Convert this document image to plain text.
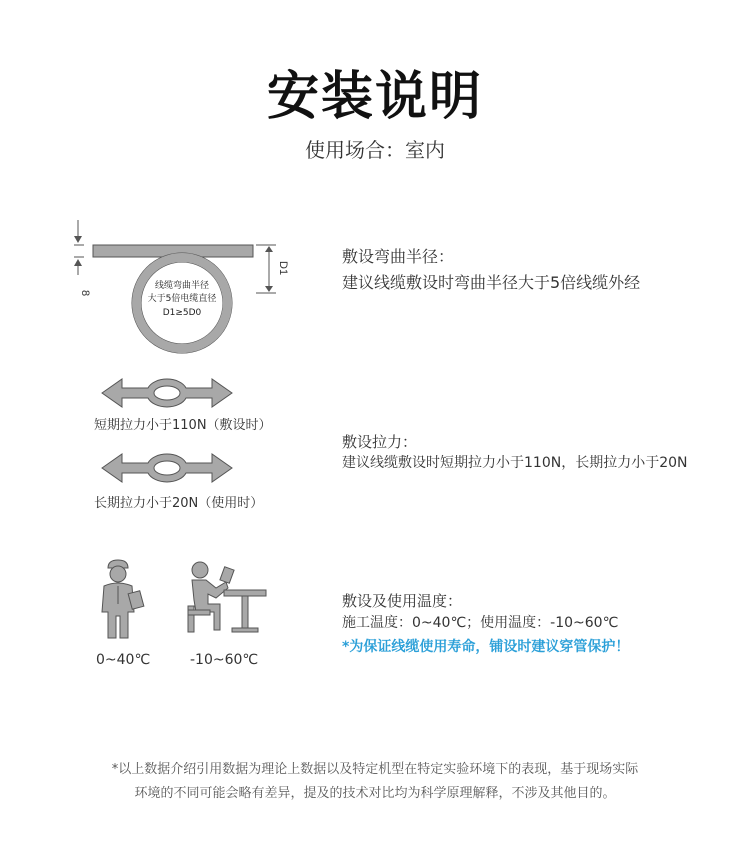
安装说明
使用场合：室内
8
线缆弯曲半径
大于5倍电缆直径
D1≥5D0
D1
敷设弯曲半径：
建议线缆敷设时弯曲半径大于5倍线缆外经
短期拉力小于110N（敷设时）
长期拉力小于20N（使用时）
敷设拉力：
建议线缆敷设时短期拉力小于110N，长期拉力小于20N
0~40℃	-10~60℃
敷设及使用温度：
施工温度：0~40℃；使用温度：-10~60℃
*为保证线缆使用寿命，铺设时建议穿管保护！
*以上数据介绍引用数据为理论上数据以及特定机型在特定实验环境下的表现，基于现场实际
环境的不同可能会略有差异，提及的技术对比均为科学原理解释，不涉及其他目的。
